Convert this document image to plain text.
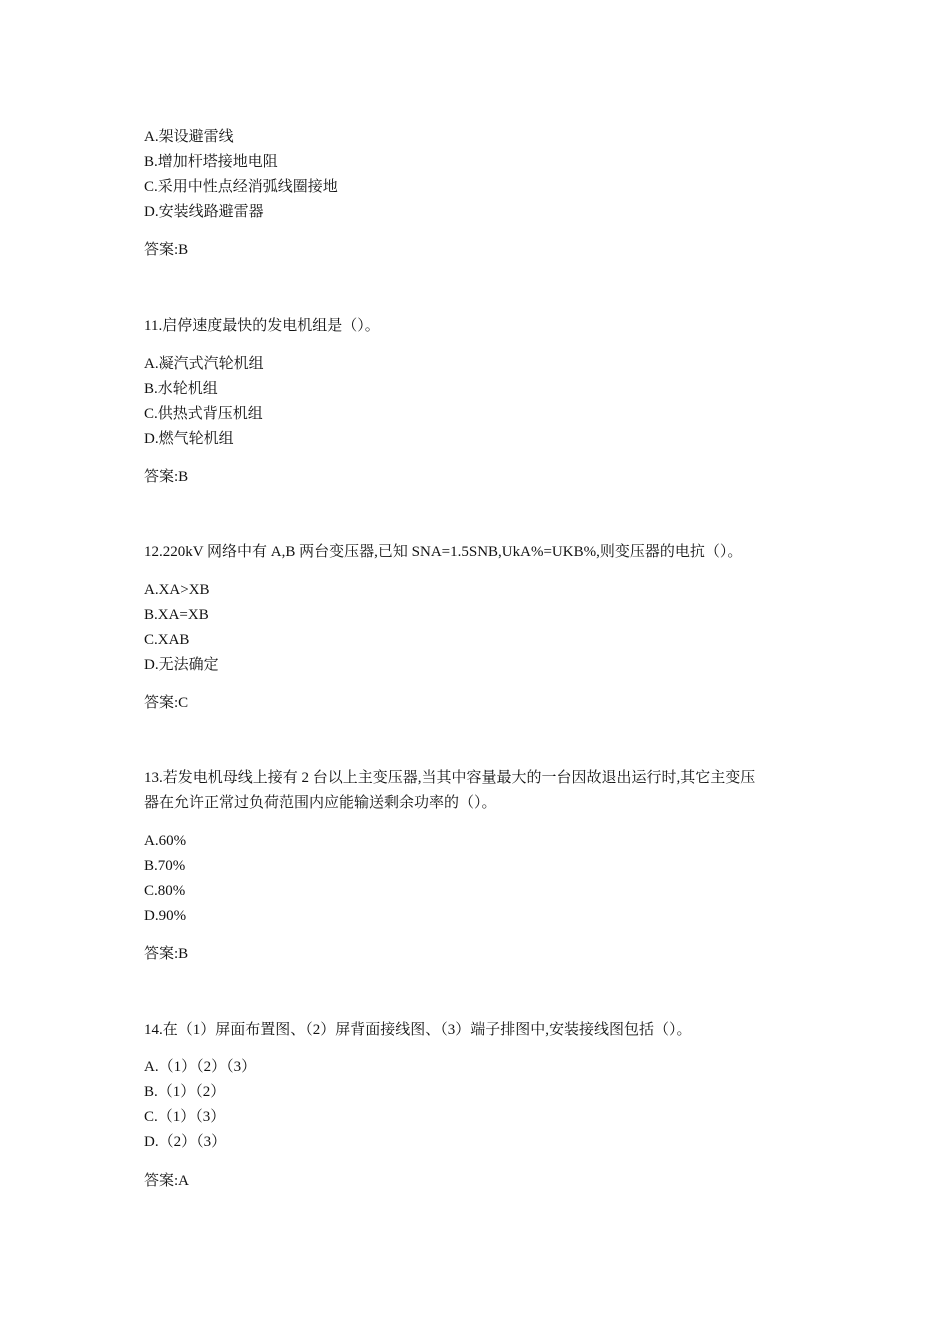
A.架设避雷线
B.增加杆塔接地电阻
C.采用中性点经消弧线圈接地
D.安装线路避雷器
答案:B
11.启停速度最快的发电机组是（）。
A.凝汽式汽轮机组
B.水轮机组
C.供热式背压机组
D.燃气轮机组
答案:B
12.220kV 网络中有 A,B 两台变压器,已知 SNA=1.5SNB,UkA%=UKB%,则变压器的电抗（）。
A.XA>XB
B.XA=XB
C.XAB
D.无法确定
答案:C
13.若发电机母线上接有 2 台以上主变压器,当其中容量最大的一台因故退出运行时,其它主变压
器在允许正常过负荷范围内应能输送剩余功率的（）。
A.60%
B.70%
C.80%
D.90%
答案:B
14.在（1）屏面布置图、（2）屏背面接线图、（3）端子排图中,安装接线图包括（）。
A.（1）（2）（3）
B.（1）（2）
C.（1）（3）
D.（2）（3）
答案:A
